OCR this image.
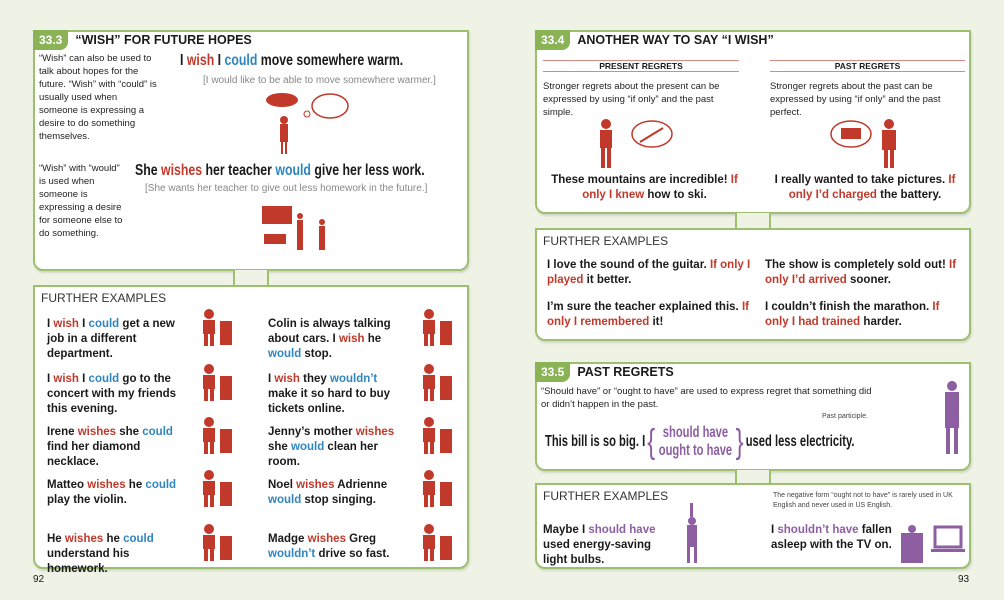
33.3	“WISH” FOR FUTURE HOPES
“Wish” can also be used to talk about hopes for the future. “Wish” with “could” is usually used when someone is expressing a desire to do something themselves.
“Wish” with “would” is used when someone is expressing a desire for someone else to do something.
I wish I could move somewhere warm.
[I would like to be able to move somewhere warmer.]
She wishes her teacher would give her less work.
[She wants her teacher to give out less homework in the future.]
FURTHER EXAMPLES
I wish I could get a new job in a different department.
Colin is always talking about cars. I wish he would stop.
I wish I could go to the concert with my friends this evening.
I wish they wouldn’t make it so hard to buy tickets online.
Irene wishes she could find her diamond necklace.
Jenny’s mother wishes she would clean her room.
Matteo wishes he could play the violin.
Noel wishes Adrienne would stop singing.
He wishes he could understand his homework.
Madge wishes Greg wouldn’t drive so fast.
33.4	ANOTHER WAY TO SAY “I WISH”
PRESENT REGRETS	PAST REGRETS
Stronger regrets about the present can be expressed by using “if only” and the past simple.
Stronger regrets about the past can be expressed by using “if only” and the past perfect.
These mountains are incredible! If only I knew how to ski.
I really wanted to take pictures. If only I’d charged the battery.
FURTHER EXAMPLES
I love the sound of the guitar. If only I played it better.
The show is completely sold out! If only I’d arrived sooner.
I’m sure the teacher explained this. If only I remembered it!
I couldn’t finish the marathon. If only I had trained harder.
33.5	PAST REGRETS
“Should have” or “ought to have” are used to express regret that something did or didn’t happen in the past.
Past participle.
This bill is so big. I { should have
ought to have } used less electricity.
FURTHER EXAMPLES
Maybe I should have used energy-saving light bulbs.
The negative form “ought not to have” is rarely used in UK English and never used in US English.
I shouldn’t have fallen asleep with the TV on.
92	93
